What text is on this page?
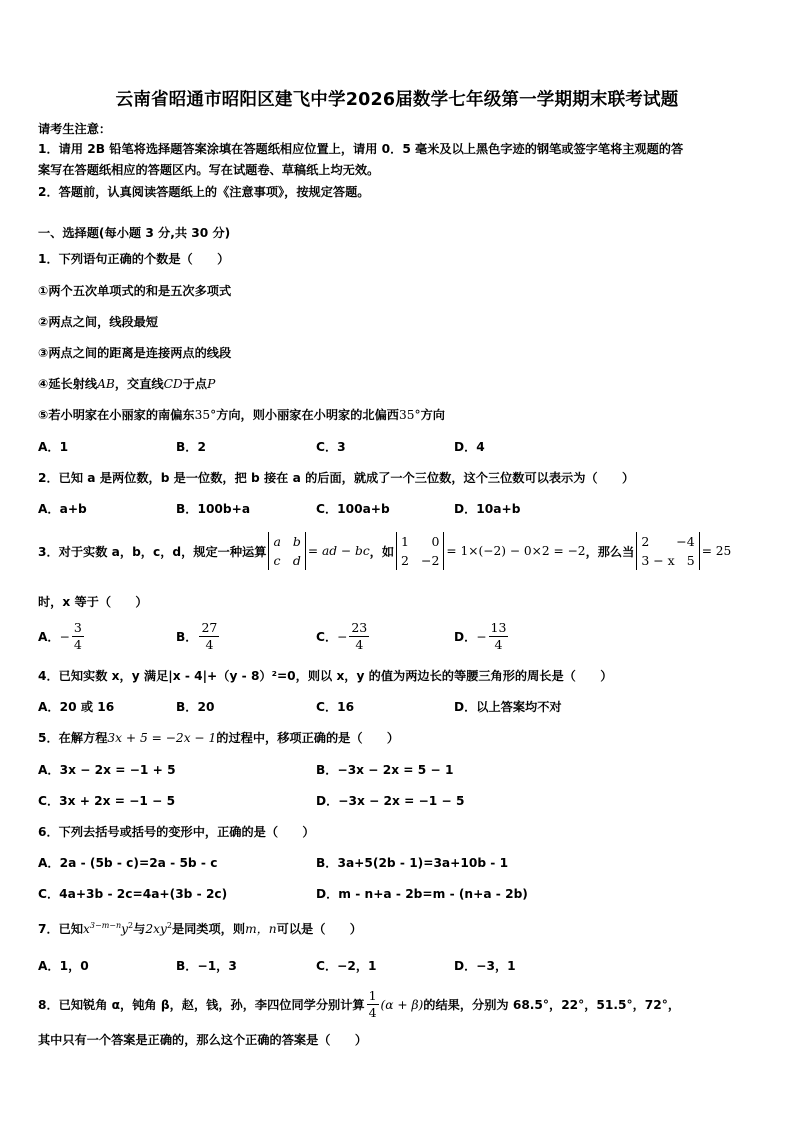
云南省昭通市昭阳区建飞中学2026届数学七年级第一学期期末联考试题
请考生注意：
1．请用 2B 铅笔将选择题答案涂填在答题纸相应位置上，请用 0．5 毫米及以上黑色字迹的钢笔或签字笔将主观题的答
案写在答题纸相应的答题区内。写在试题卷、草稿纸上均无效。
2．答题前，认真阅读答题纸上的《注意事项》，按规定答题。
一、选择题(每小题 3 分,共 30 分)
1．下列语句正确的个数是（　　）
①两个五次单项式的和是五次多项式
②两点之间，线段最短
③两点之间的距离是连接两点的线段
④延长射线AB，交直线CD于点P
⑤若小明家在小丽家的南偏东35°方向，则小丽家在小明家的北偏西35°方向
A．1	B．2	C．3	D．4
2．已知 a 是两位数，b 是一位数，把 b 接在 a 的后面，就成了一个三位数，这个三位数可以表示为（　　）
A．a+b	B．100b+a	C．100a+b	D．10a+b
3．对于实数 a，b，c，d，规定一种运算
a b
c d
= ad − bc ，如
1 0
2 −2
= 1×(−2) − 0×2 = −2 ，那么当
2 −4
3 − x 5
= 25
时，x 等于（　　）
A． − $\frac{3}{4}$	B． $\frac{27}{4}$	C． − $\frac{23}{4}$	D． − $\frac{13}{4}$
4．已知实数 x，y 满足|x - 4|+（y - 8）²=0，则以 x，y 的值为两边长的等腰三角形的周长是（　　）
A．20 或 16	B．20	C．16	D．以上答案均不对
5．在解方程3x + 5 = −2x − 1的过程中，移项正确的是（　　）
A．3x − 2x = −1 + 5	B．−3x − 2x = 5 − 1
C．3x + 2x = −1 − 5	D．−3x − 2x = −1 − 5
6．下列去括号或括号的变形中，正确的是（　　）
A．2a - (5b - c)=2a - 5b - c	B．3a+5(2b - 1)=3a+10b - 1
C．4a+3b - 2c=4a+(3b - 2c)	D．m - n+a - 2b=m - (n+a - 2b)
7．已知$x^{3-m-n}y^2$与$2xy^2$是同类项，则m，n可以是（　　）
A．1，0	B．−1，3	C．−2，1	D．−3，1
8．已知锐角 α，钝角 β，赵，钱，孙，李四位同学分别计算 $\frac{1}{4} (\alpha + \beta)$ 的结果，分别为 68.5°，22°，51.5°，72°，
其中只有一个答案是正确的，那么这个正确的答案是（　　）
